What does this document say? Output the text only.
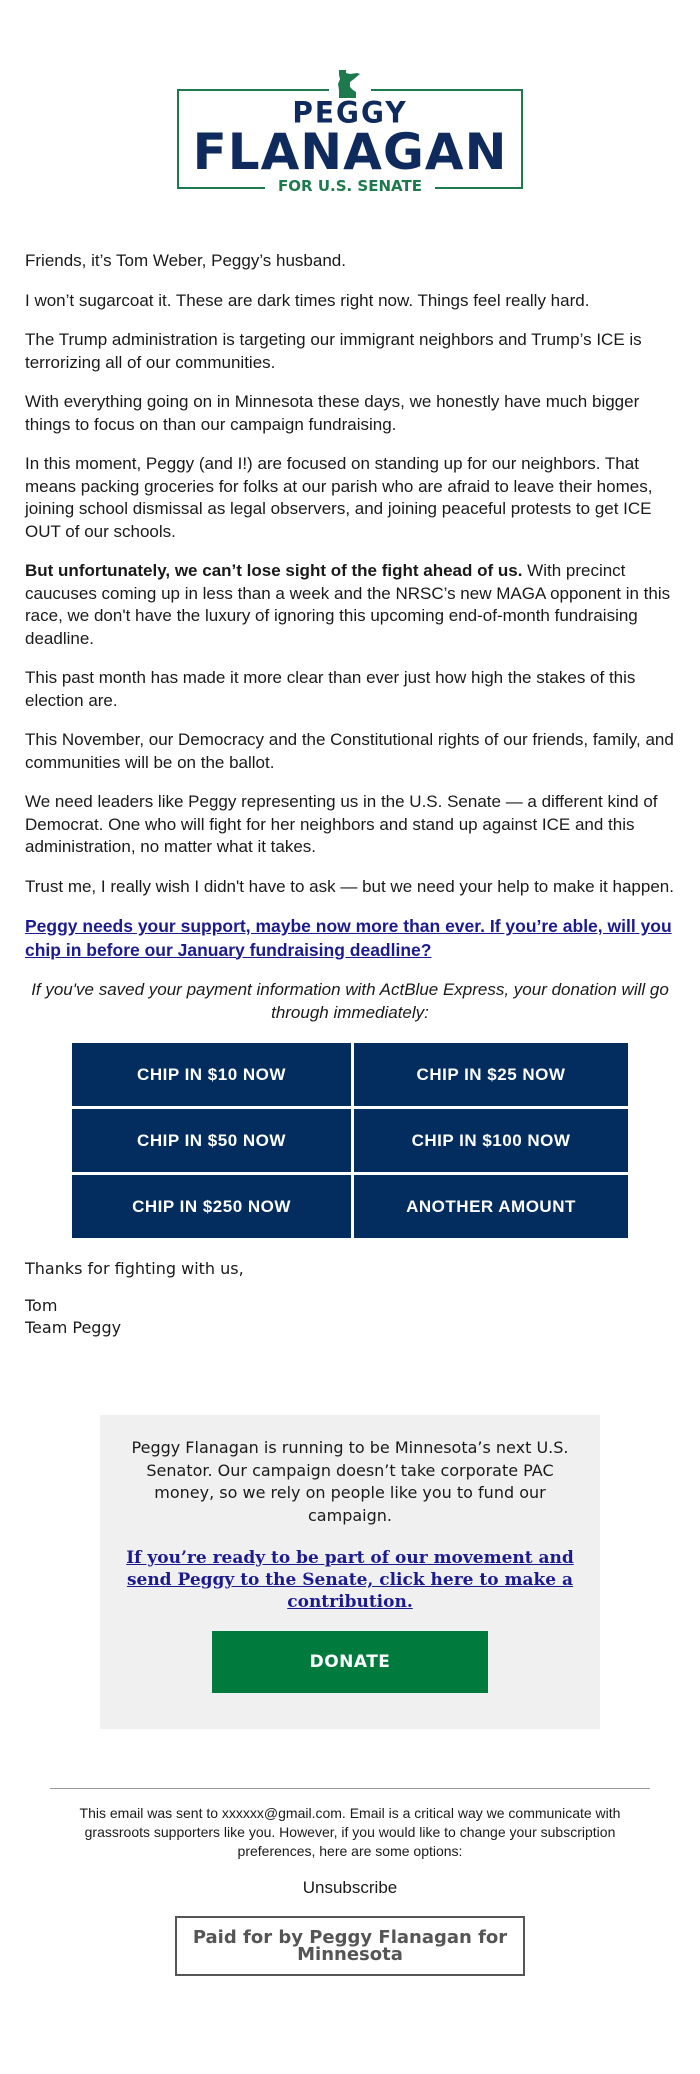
PEGGY
FLANAGAN
FOR U.S. SENATE

Friends, it’s Tom Weber, Peggy’s husband.

I won’t sugarcoat it. These are dark times right now. Things feel really hard.

The Trump administration is targeting our immigrant neighbors and Trump’s ICE is terrorizing all of our communities.

With everything going on in Minnesota these days, we honestly have much bigger things to focus on than our campaign fundraising.

In this moment, Peggy (and I!) are focused on standing up for our neighbors. That means packing groceries for folks at our parish who are afraid to leave their homes, joining school dismissal as legal observers, and joining peaceful protests to get ICE OUT of our schools.

But unfortunately, we can’t lose sight of the fight ahead of us. With precinct caucuses coming up in less than a week and the NRSC’s new MAGA opponent in this race, we don't have the luxury of ignoring this upcoming end-of-month fundraising deadline.

This past month has made it more clear than ever just how high the stakes of this election are.

This November, our Democracy and the Constitutional rights of our friends, family, and communities will be on the ballot.

We need leaders like Peggy representing us in the U.S. Senate — a different kind of Democrat. One who will fight for her neighbors and stand up against ICE and this administration, no matter what it takes.

Trust me, I really wish I didn't have to ask — but we need your help to make it happen.

Peggy needs your support, maybe now more than ever. If you’re able, will you chip in before our January fundraising deadline?

If you've saved your payment information with ActBlue Express, your donation will go through immediately:

CHIP IN $10 NOW	CHIP IN $25 NOW
CHIP IN $50 NOW	CHIP IN $100 NOW
CHIP IN $250 NOW	ANOTHER AMOUNT

Thanks for fighting with us,

Tom
Team Peggy
Peggy Flanagan is running to be Minnesota’s next U.S. Senator. Our campaign doesn’t take corporate PAC money, so we rely on people like you to fund our campaign.
If you’re ready to be part of our movement and send Peggy to the Senate, click here to make a contribution.
DONATE
This email was sent to xxxxxx@gmail.com. Email is a critical way we communicate with grassroots supporters like you. However, if you would like to change your subscription preferences, here are some options:
Unsubscribe
Paid for by Peggy Flanagan for Minnesota
